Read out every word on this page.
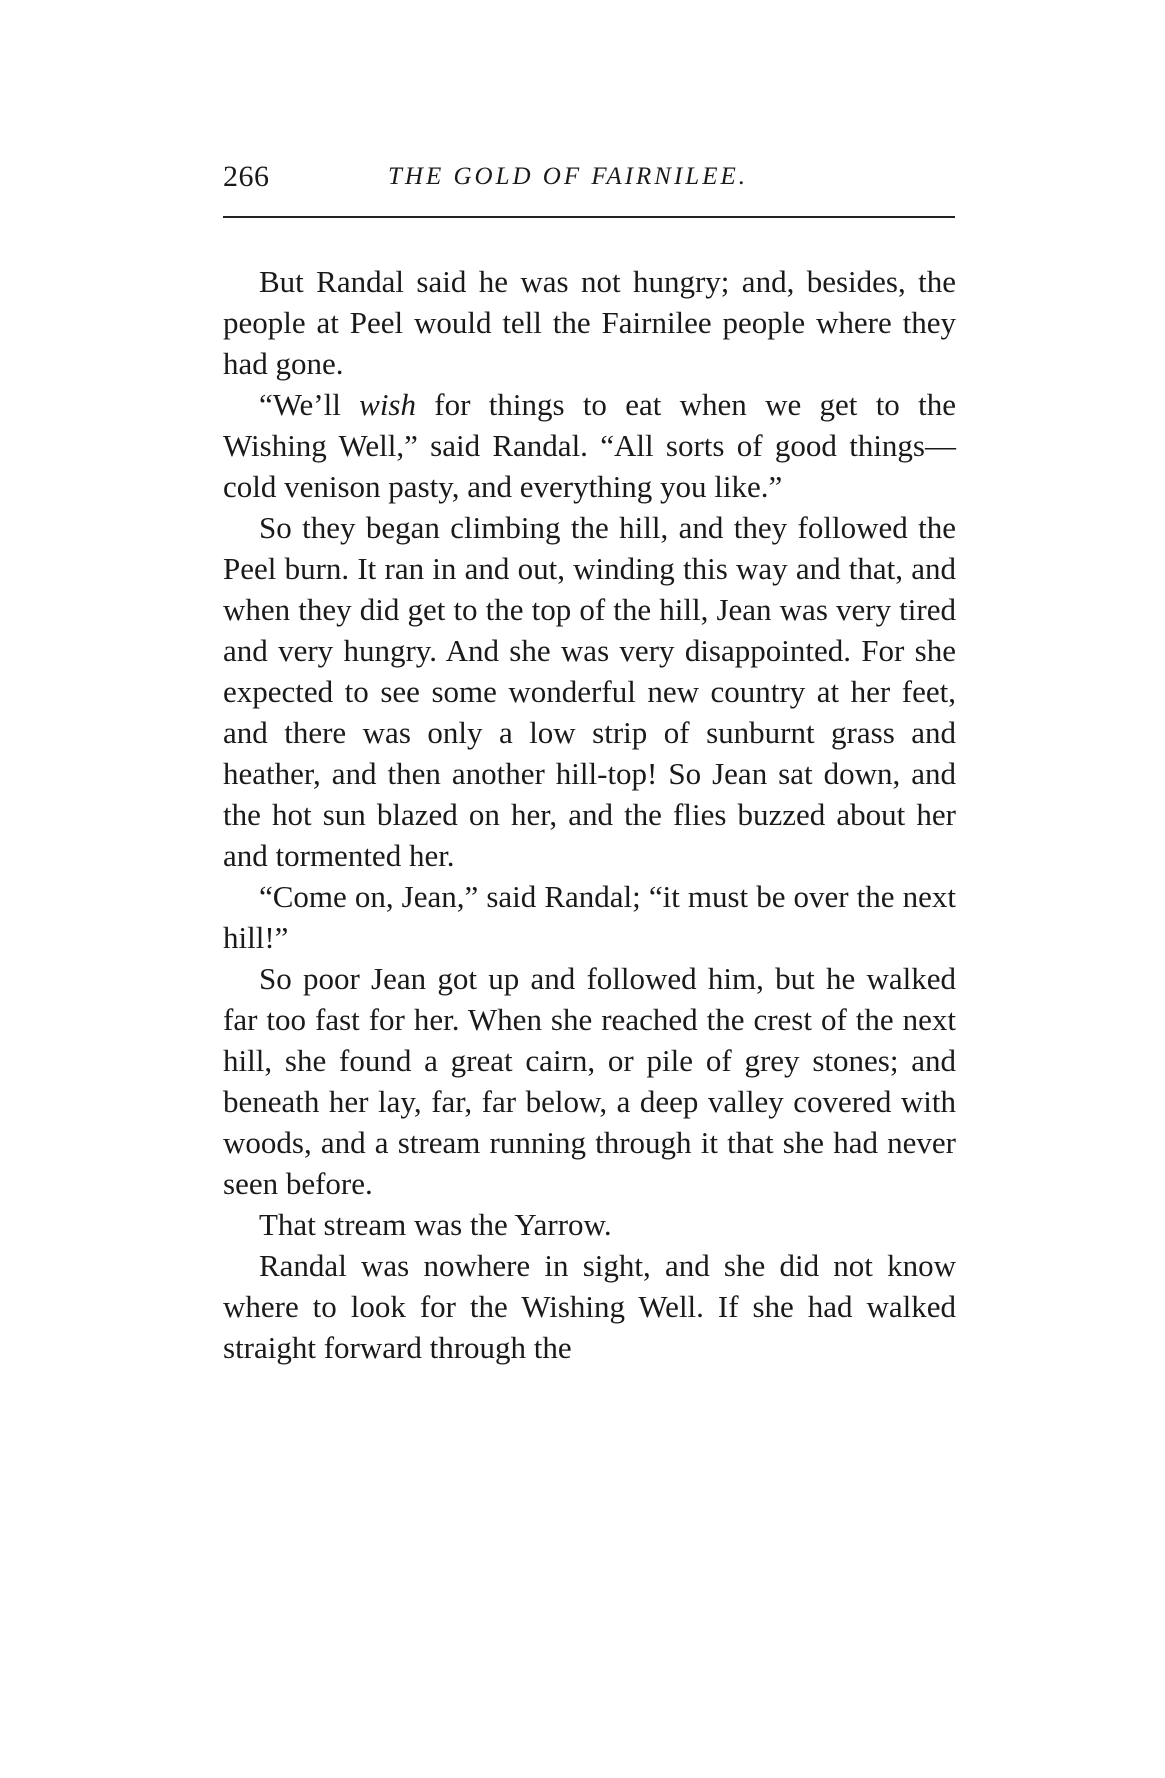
266	THE GOLD OF FAIRNILEE.

But Randal said he was not hungry; and, besides, the people at Peel would tell the Fairnilee people where they had gone.

“We’ll wish for things to eat when we get to the Wishing Well,” said Randal. “All sorts of good things—cold venison pasty, and everything you like.”

So they began climbing the hill, and they followed the Peel burn. It ran in and out, winding this way and that, and when they did get to the top of the hill, Jean was very tired and very hungry. And she was very disappointed. For she expected to see some wonderful new country at her feet, and there was only a low strip of sunburnt grass and heather, and then another hill-top! So Jean sat down, and the hot sun blazed on her, and the flies buzzed about her and tormented her.

“Come on, Jean,” said Randal; “it must be over the next hill!”

So poor Jean got up and followed him, but he walked far too fast for her. When she reached the crest of the next hill, she found a great cairn, or pile of grey stones; and beneath her lay, far, far below, a deep valley covered with woods, and a stream running through it that she had never seen before.

That stream was the Yarrow.

Randal was nowhere in sight, and she did not know where to look for the Wishing Well. If she had walked straight forward through the
